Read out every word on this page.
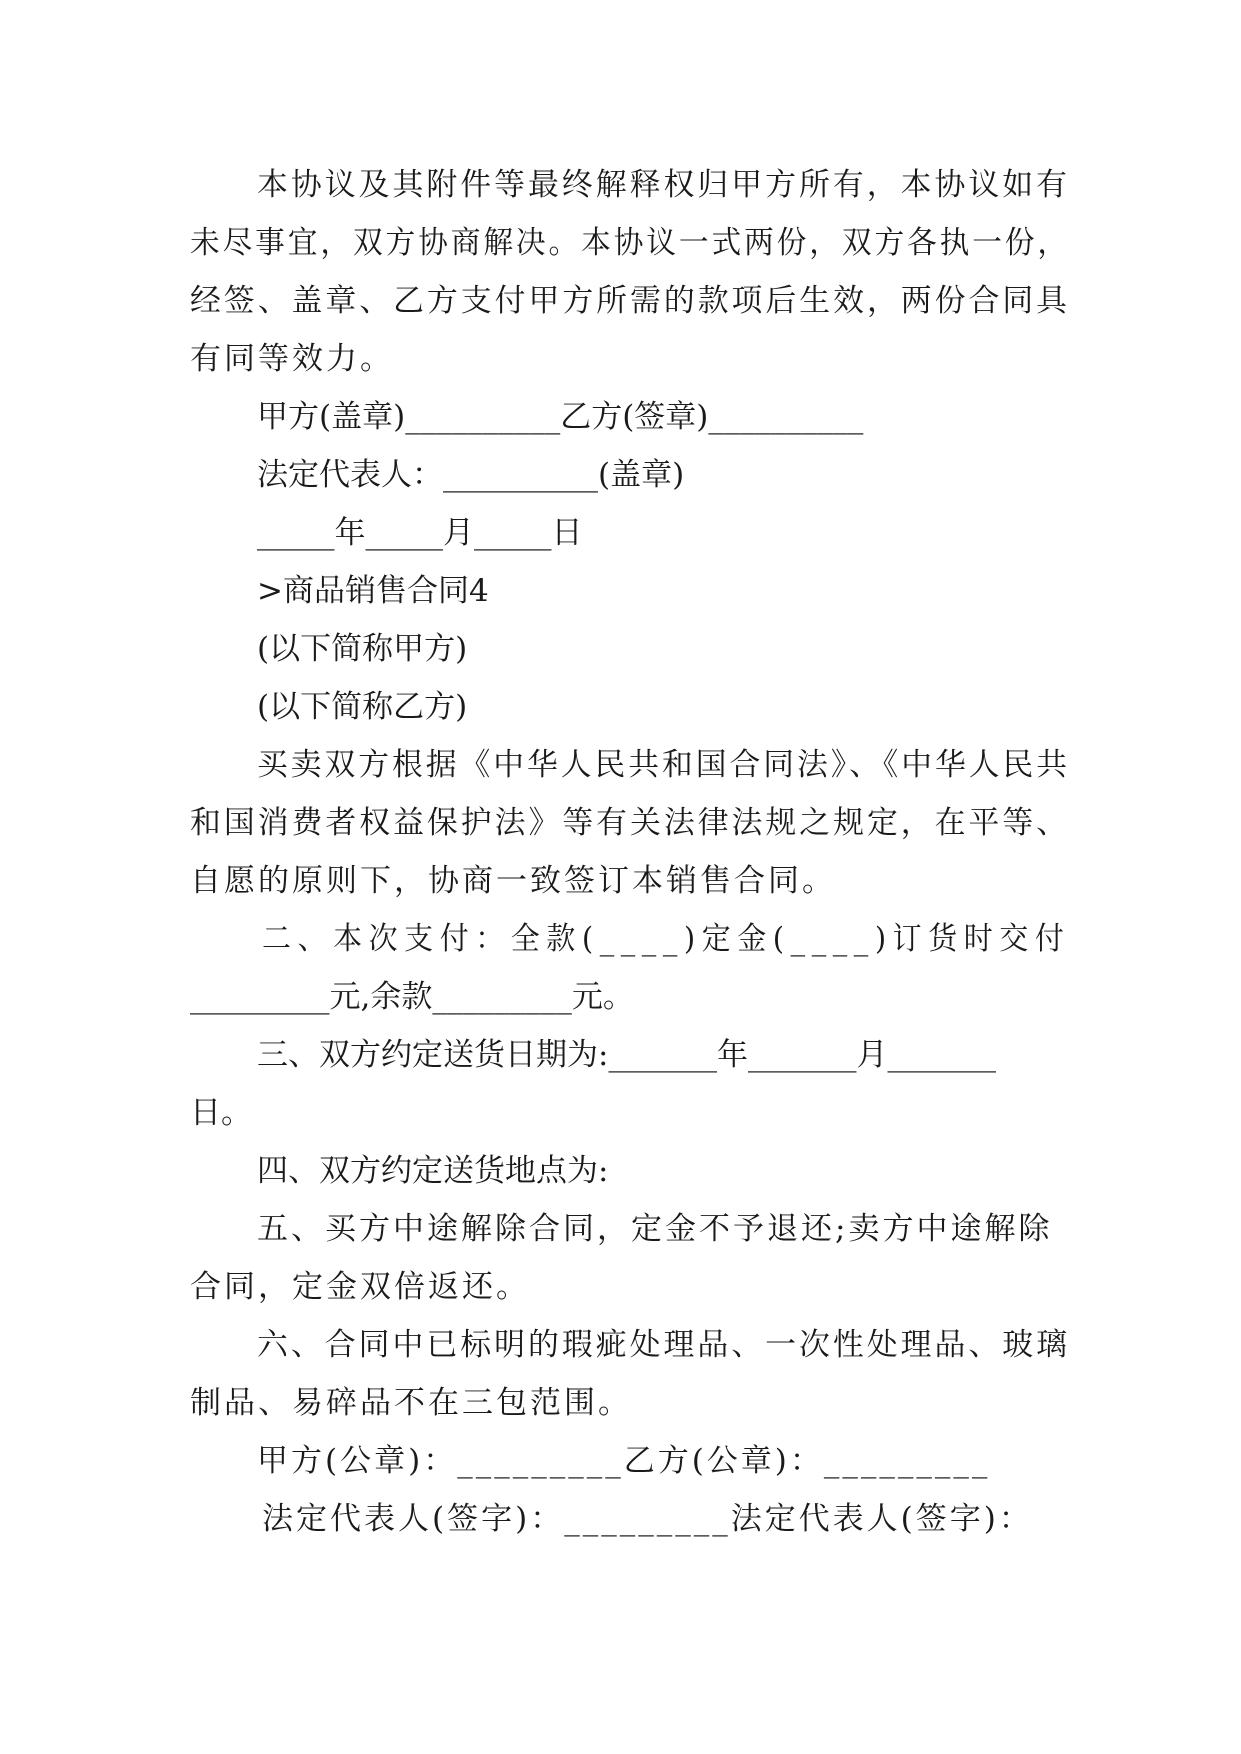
本协议及其附件等最终解释权归甲方所有，本协议如有
未尽事宜，双方协商解决。本协议一式两份，双方各执一份，
经签、盖章、乙方支付甲方所需的款项后生效，两份合同具
有同等效力。
甲方(盖章)__________乙方(签章)__________
法定代表人：__________(盖章)
_____年_____月_____日
>商品销售合同4
(以下简称甲方)
(以下简称乙方)
买卖双方根据《中华人民共和国合同法》、《中华人民共
和国消费者权益保护法》等有关法律法规之规定，在平等、
自愿的原则下，协商一致签订本销售合同。
二、本次支付：全款(____)定金(____)订货时交付
_________元,余款_________元。
三、双方约定送货日期为:_______年_______月_______
日。
四、双方约定送货地点为:
五、买方中途解除合同，定金不予退还;卖方中途解除
合同，定金双倍返还。
六、合同中已标明的瑕疵处理品、一次性处理品、玻璃
制品、易碎品不在三包范围。
甲方(公章)：_________乙方(公章)：_________
法定代表人(签字)：_________法定代表人(签字)：
